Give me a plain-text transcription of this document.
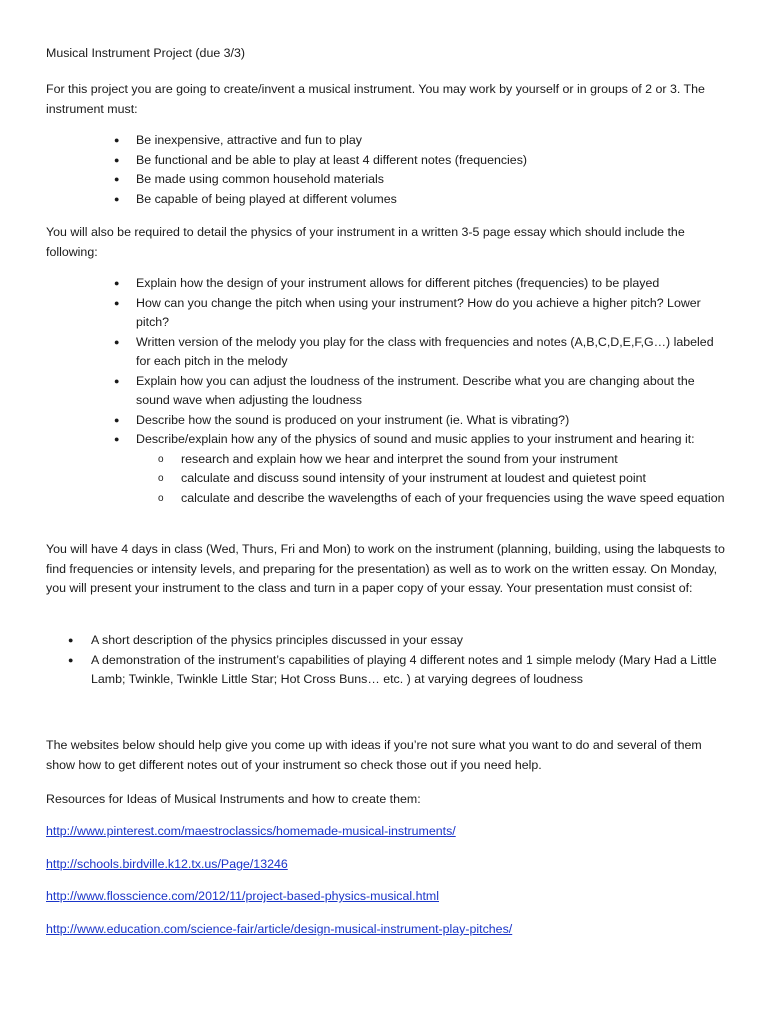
Musical Instrument Project (due 3/3)

For this project you are going to create/invent a musical instrument. You may work by yourself or in groups of 2 or 3. The instrument must:

● Be inexpensive, attractive and fun to play
● Be functional and be able to play at least 4 different notes (frequencies)
● Be made using common household materials
● Be capable of being played at different volumes

You will also be required to detail the physics of your instrument in a written 3-5 page essay which should include the following:

● Explain how the design of your instrument allows for different pitches (frequencies) to be played
● How can you change the pitch when using your instrument? How do you achieve a higher pitch? Lower pitch?
● Written version of the melody you play for the class with frequencies and notes (A,B,C,D,E,F,G…) labeled for each pitch in the melody
● Explain how you can adjust the loudness of the instrument. Describe what you are changing about the sound wave when adjusting the loudness
● Describe how the sound is produced on your instrument (ie. What is vibrating?)
● Describe/explain how any of the physics of sound and music applies to your instrument and hearing it:
o research and explain how we hear and interpret the sound from your instrument
o calculate and discuss sound intensity of your instrument at loudest and quietest point
o calculate and describe the wavelengths of each of your frequencies using the wave speed equation

You will have 4 days in class (Wed, Thurs, Fri and Mon) to work on the instrument (planning, building, using the labquests to find frequencies or intensity levels, and preparing for the presentation) as well as to work on the written essay. On Monday, you will present your instrument to the class and turn in a paper copy of your essay. Your presentation must consist of:

● A short description of the physics principles discussed in your essay
● A demonstration of the instrument’s capabilities of playing 4 different notes and 1 simple melody (Mary Had a Little Lamb; Twinkle, Twinkle Little Star; Hot Cross Buns… etc. ) at varying degrees of loudness

The websites below should help give you come up with ideas if you’re not sure what you want to do and several of them show how to get different notes out of your instrument so check those out if you need help.

Resources for Ideas of Musical Instruments and how to create them:

http://www.pinterest.com/maestroclassics/homemade-musical-instruments/

http://schools.birdville.k12.tx.us/Page/13246

http://www.flosscience.com/2012/11/project-based-physics-musical.html

http://www.education.com/science-fair/article/design-musical-instrument-play-pitches/
